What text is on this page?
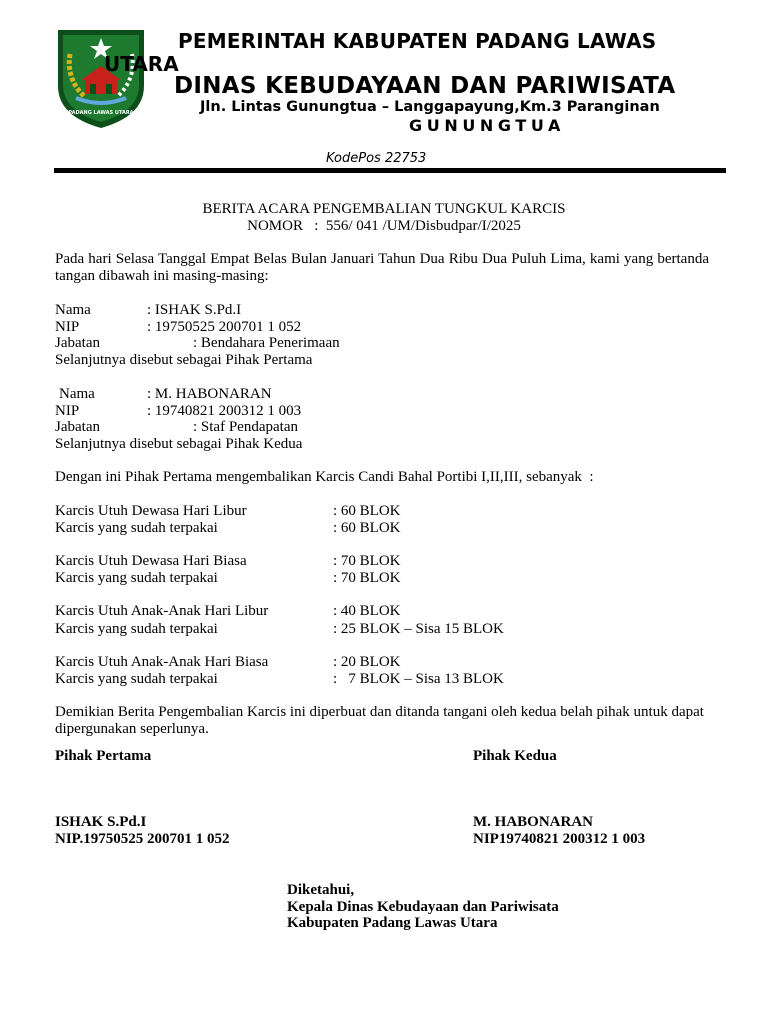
PADANG LAWAS UTARA
PEMERINTAH KABUPATEN PADANG LAWAS
UTARA
DINAS KEBUDAYAAN DAN PARIWISATA
Jln. Lintas Gunungtua – Langgapayung,Km.3 Paranginan
GUNUNGTUA
KodePos 22753
BERITA ACARA PENGEMBALIAN TUNGKUL KARCIS
NOMOR   :  556/ 041 /UM/Disbudpar/I/2025
Pada hari Selasa Tanggal Empat Belas Bulan Januari Tahun Dua Ribu Dua Puluh Lima, kami yang bertanda tangan dibawah ini masing-masing:
Nama	: ISHAK S.Pd.I
NIP	: 19750525 200701 1 052
Jabatan	: Bendahara Penerimaan
Selanjutnya disebut sebagai Pihak Pertama
Nama	: M. HABONARAN
NIP	: 19740821 200312 1 003
Jabatan	: Staf Pendapatan
Selanjutnya disebut sebagai Pihak Kedua
Dengan ini Pihak Pertama mengembalikan Karcis Candi Bahal Portibi I,II,III, sebanyak  :
Karcis Utuh Dewasa Hari Libur	: 60 BLOK
Karcis yang sudah terpakai	: 60 BLOK
Karcis Utuh Dewasa Hari Biasa	: 70 BLOK
Karcis yang sudah terpakai	: 70 BLOK
Karcis Utuh Anak-Anak Hari Libur	: 40 BLOK
Karcis yang sudah terpakai	: 25 BLOK – Sisa 15 BLOK
Karcis Utuh Anak-Anak Hari Biasa	: 20 BLOK
Karcis yang sudah terpakai	:   7 BLOK – Sisa 13 BLOK
Demikian Berita Pengembalian Karcis ini diperbuat dan ditanda tangani oleh kedua belah pihak untuk dapat dipergunakan seperlunya.
Pihak Pertama	Pihak Kedua
ISHAK S.Pd.I
NIP.19750525 200701 1 052
M. HABONARAN
NIP19740821 200312 1 003
Diketahui,
Kepala Dinas Kebudayaan dan Pariwisata
Kabupaten Padang Lawas Utara
